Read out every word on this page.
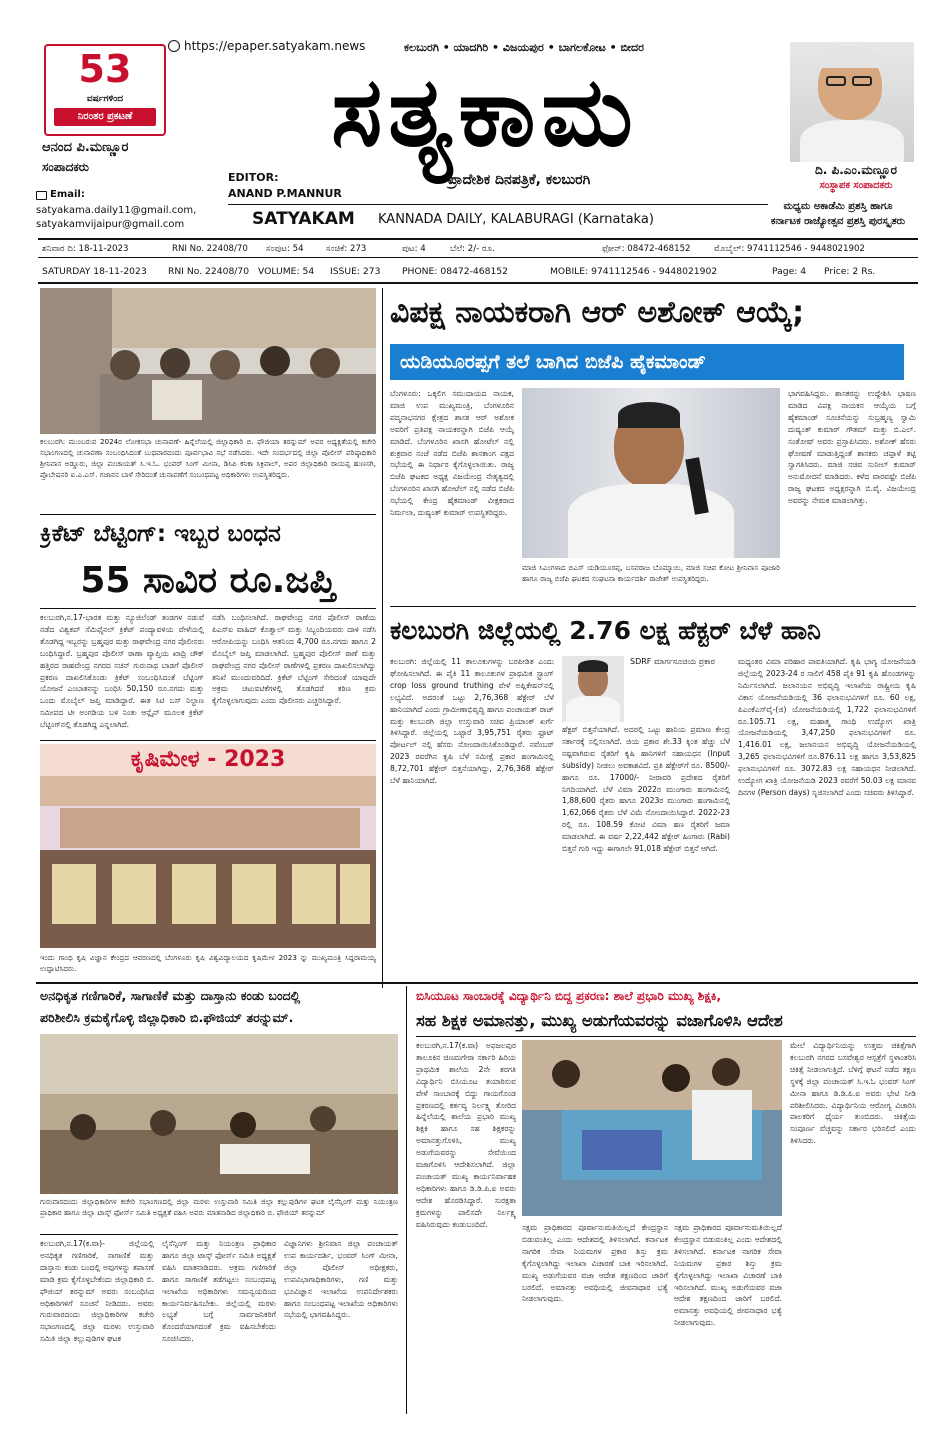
53
ವರ್ಷಗಳಿಂದ
ನಿರಂತರ ಪ್ರಕಟಣೆ
ಆನಂದ ಪಿ.ಮಣ್ಣೂರ
ಸಂಪಾದಕರು
Email:
satyakama.daily11@gmail.com,
satyakamvijaipur@gmail.com
https://epaper.satyakam.news	ಕಲಬುರಗಿ • ಯಾದಗಿರಿ • ವಿಜಯಪುರ • ಬಾಗಲಕೋಟ • ಬೀದರ
ಸತ್ಯಕಾಮ
EDITOR:
ANAND P.MANNUR
ಪ್ರಾದೇಶಿಕ ದಿನಪತ್ರಿಕೆ, ಕಲಬುರಗಿ
SATYAKAM KANNADA DAILY, KALABURAGI (Karnataka)
ದಿ. ಪಿ.ಎಂ.ಮಣ್ಣೂರ
ಸಂಸ್ಥಾಪಕ ಸಂಪಾದಕರು
ಮಧ್ಯಮ ಅಕಾಡೆಮಿ ಪ್ರಶಸ್ತಿ ಹಾಗೂ
ಕರ್ನಾಟಕ ರಾಜ್ಯೋತ್ಸವ ಪ್ರಶಸ್ತಿ ಪುರಸ್ಕೃತರು
ಶನಿವಾರ ದಿ: 18-11-2023	RNI No. 22408/70 ಸಂಪುಟ: 54	ಸಂಚಿಕೆ: 273	ಪುಟ: 4	ಬೆಲೆ: 2/- ರೂ.	ಫೋನ್: 08472-468152	ಮೊಬೈಲ್: 9741112546 - 9448021902
SATURDAY 18-11-2023 RNI No. 22408/70 VOLUME: 54 ISSUE: 273 PHONE: 08472-468152	MOBILE: 9741112546 - 9448021902	Page: 4 Price: 2 Rs.
ಕಲಬುರಗಿ: ಮುಂಬರುವ 2024ರ ಲೋಕಸಭಾ ಚುನಾವಣೆ- ಹಿನ್ನೆಲೆಯಲ್ಲಿ ಜಿಲ್ಲಾಧಿಕಾರಿ ಬಿ. ಫೌಜಿಯಾ ತರನ್ನುಮ್ ಅವರ ಅಧ್ಯಕ್ಷತೆಯಲ್ಲಿ ಕಚೇರಿ ಸಭಾಂಗಣದಲ್ಲಿ ಚುನಾವಣಾ ಸಂಬಂಧಿಸಿದಂತೆ ಬುಧವಾರದಂದು ಪೂರ್ವಭಾವಿ ಸಭೆ ನಡೆಸಿದರು. ಇದೇ ಸಂದರ್ಭದಲ್ಲಿ ಜಿಲ್ಲಾ ಪೊಲೀಸ್ ವರಿಷ್ಠಾಧಿಕಾರಿ ಶ್ರೀನಿವಾಸ ಅಡ್ಡೂರು, ಜಿಲ್ಲಾ ಪಂಚಾಯತ್ ಸಿ.ಇ.ಓ. ಭಂವರ್ ಸಿಂಗ್ ಮೀನಾ, ಡಿಸಿಪಿ ಕನಿಕಾ ಸಿಕ್ರಿವಾಲ್, ಅಪರ ಜಿಲ್ಲಾಧಿಕಾರಿ ರಾಯಪ್ಪ ಹುಣಸಗಿ, ಪ್ರೊಬೇಷನರಿ ಐ.ಎ.ಎಸ್. ಗಜಾನನ ಬಾಳೆ ಸೇರಿದಂತೆ ಚುನಾವಣೆಗೆ ಸಂಬಂಧಪಟ್ಟ ಅಧಿಕಾರಿಗಳು ಉಪಸ್ಥಿತರಿದ್ದರು.
ಕ್ರಿಕೆಟ್ ಬೆಟ್ಟಿಂಗ್: ಇಬ್ಬರ ಬಂಧನ
55 ಸಾವಿರ ರೂ.ಜಪ್ತಿ
ಕಲಬುರಗಿ,ನ.17-ಭಾರತ ಮತ್ತು ನ್ಯೂಜಿಲೆಂಡ್ ತಂಡಗಳ ನಡುವೆ ನಡೆದ ವಿಶ್ವಕಪ್ ಸೆಮಿಫೈನಲ್ ಕ್ರಿಕೆಟ್ ಪಂದ್ಯಾವಳಿಯ ವೇಳೆಯಲ್ಲಿ ತೊಡಗಿದ್ದ ಇಬ್ಬರನ್ನು ಬ್ರಹ್ಮಪುರ ಮತ್ತು ರಾಘವೇಂದ್ರ ನಗರ ಪೊಲೀಸರು ಬಂಧಿಸಿದ್ದಾರೆ. ಬ್ರಹ್ಮಪುರ ಪೊಲೀಸ್ ಠಾಣಾ ವ್ಯಾಪ್ತಿಯ ಖಾದ್ರಿ ಚೌಕ್ ಹತ್ತಿರದ ರಾಹವೇಂದ್ರ ನಗರದ ಸಚಿನ್ ಗುರುನಾಥ ಬಾಡಗೆ ಪೊಲೀಸ್ ಪ್ರಕರಣ ದಾಖಲಿಸಿಕೊಂಡು ಕ್ರಿಕೆಟ್ ಸಂಬಂಧಿಸಿದಂತೆ ಬೆಟ್ಟಿಂಗ್ ಯೋಜನೆ ಎಂಬಾತನನ್ನು ಬಂಧಿಸಿ 50,150 ರೂ.ನಗದು ಮತ್ತು ಒಂದು ಮೊಬೈಲ್ ಜಪ್ತಿ ಮಾಡಿದ್ದಾರೆ. ಈತ ಸಿಟಿ ಬಸ್ ನಿಲ್ದಾಣ ಸಮೀಪದ ಟೀ ಅಂಗಡಿಯ ಬಳಿ ನಿಂತು ಆನ್ಲೈನ್ ಮೂಲಕ ಕ್ರಿಕೆಟ್ ಬೆಟ್ಟಿಂಗ್‌ನಲ್ಲಿ ತೊಡಗಿದ್ದ ಎನ್ನಲಾಗಿದೆ.
ನಡೆಸಿ ಬಂಧಿಸಲಾಗಿದೆ. ರಾಘವೇಂದ್ರ ನಗರ ಪೊಲೀಸ್ ಠಾಣೆಯ ಪಿಎಸ್‌ಐ ವಾಹಿದ್ ಕೊತ್ವಾಲ್ ಮತ್ತು ಸಿಬ್ಬಂದಿಯವರು ದಾಳಿ ನಡೆಸಿ ಆರೋಪಿಯನ್ನು ಬಂಧಿಸಿ ಆತನಿಂದ 4,700 ರೂ.ನಗದು ಹಾಗೂ 2 ಮೊಬೈಲ್ ಜಪ್ತಿ ಮಾಡಲಾಗಿದೆ. ಬ್ರಹ್ಮಪುರ ಪೊಲೀಸ್ ಠಾಣೆ ಮತ್ತು ರಾಘವೇಂದ್ರ ನಗರ ಪೊಲೀಸ್ ಠಾಣೆಗಳಲ್ಲಿ ಪ್ರಕರಣ ದಾಖಲಿಸಲಾಗಿದ್ದು ತನಿಖೆ ಮುಂದುವರಿದಿದೆ. ಕ್ರಿಕೆಟ್ ಬೆಟ್ಟಿಂಗ್ ಸೇರಿದಂತೆ ಯಾವುದೇ ಅಕ್ರಮ ಚಟುವಟಿಕೆಗಳಲ್ಲಿ ತೊಡಗಿದರೆ ಕಠಿಣ ಕ್ರಮ ಕೈಗೊಳ್ಳಲಾಗುವುದು ಎಂದು ಪೊಲೀಸರು ಎಚ್ಚರಿಸಿದ್ದಾರೆ.
ಕೃಷಿಮೇಳ - 2023
ಇಂದು ಗಾಂಧಿ ಕೃಷಿ ವಿಜ್ಞಾನ ಕೇಂದ್ರದ ಆವರಣದಲ್ಲಿ ಬೆಂಗಳೂರು ಕೃಷಿ ವಿಶ್ವವಿದ್ಯಾಲಯದ ಕೃಷಿಮೇಳ 2023 ನ್ನು ಮುಖ್ಯಮಂತ್ರಿ ಸಿದ್ದರಾಮಯ್ಯ ಉದ್ಘಾಟಿಸಿದರು.
ವಿಪಕ್ಷ ನಾಯಕರಾಗಿ ಆರ್ ಅಶೋಕ್ ಆಯ್ಕೆ;
ಯಡಿಯೂರಪ್ಪಗೆ ತಲೆ ಬಾಗಿದ ಬಿಜೆಪಿ ಹೈಕಮಾಂಡ್
ಬೆಂಗಳೂರು: ಒಕ್ಕಲಿಗ ಸಮುದಾಯದ ನಾಯಕ, ಮಾಜಿ ಉಪ ಮುಖ್ಯಮಂತ್ರಿ, ಬೆಂಗಳೂರಿನ ಪದ್ಮನಾಭನಗರ ಕ್ಷೇತ್ರದ ಶಾಸಕ ಆರ್ ಅಶೋಕ ಅವರಿಗೆ ಪ್ರತಿಪಕ್ಷ ನಾಯಕರನ್ನಾಗಿ ಬಿಜೆಪಿ ಆಯ್ಕೆ ಮಾಡಿದೆ. ಬೆಂಗಳೂರಿನ ಖಾಸಗಿ ಹೋಟೆಲ್ ನಲ್ಲಿ ಶುಕ್ರವಾರ ಸಂಜೆ ನಡೆದ ಬಿಜೆಪಿ ಶಾಸಕಾಂಗ ಪಕ್ಷದ ಸಭೆಯಲ್ಲಿ ಈ ನಿರ್ಧಾರ ಕೈಗೊಳ್ಳಲಾಯಿತು. ರಾಜ್ಯ ಬಿಜೆಪಿ ಘಟಕದ ಅಧ್ಯಕ್ಷ ವಿಜಯೇಂದ್ರ ನೇತೃತ್ವದಲ್ಲಿ ಬೆಂಗಳೂರಿನ ಖಾಸಗಿ ಹೋಟೆಲ್ ನಲ್ಲಿ ನಡೆದ ಬಿಜೆಪಿ ಸಭೆಯಲ್ಲಿ ಕೇಂದ್ರ ಹೈಕಮಾಂಡ್ ವೀಕ್ಷಕರಾದ ನಿರ್ಮಲಾ, ದುಷ್ಯಂತ್ ಕುಮಾರ್ ಉಪಸ್ಥಿತರಿದ್ದರು.
ಮಾಜಿ ಸಿಎಂಗಳಾದ ಬಿಎಸ್ ಯಡಿಯೂರಪ್ಪ, ಬಸವರಾಜ ಬೊಮ್ಮಾಯಿ, ಮಾಜಿ ಸಚಿವ ಕೋಟ ಶ್ರೀನಿವಾಸ ಪೂಜಾರಿ ಹಾಗೂ ರಾಜ್ಯ ಬಿಜೆಪಿ ಘಟಕದ ಸಂಘಟನಾ ಕಾರ್ಯದರ್ಶಿ ರಾಜೇಶ್ ಉಪಸ್ಥಿತರಿದ್ದರು.
ಭಾಗವಹಿಸಿದ್ದರು. ಶಾಸಕರನ್ನು ಉದ್ದೇಶಿಸಿ ಭಾಷಣ ಮಾಡಿದ ವಿಪಕ್ಷ ನಾಯಕನ ಆಯ್ಕೆಯ ಬಗ್ಗೆ ಹೈಕಮಾಂಡ್ ಸೂಚನೆಯನ್ನು ಸುಬ್ರಹ್ಮಣ್ಯ ಸ್ವಾಮಿ ದುಷ್ಯಂತ್ ಕುಮಾರ್ ಗೌತಮ್ ಮತ್ತು ಬಿ.ಎಲ್. ಸಂತೋಷ್ ಅವರು ಪ್ರಸ್ತಾಪಿಸಿದರು. ಅಶೋಕ್ ಹೆಸರು ಘೋಷಣೆ ಮಾಡುತ್ತಿದ್ದಂತೆ ಶಾಸಕರು ಚಪ್ಪಾಳೆ ತಟ್ಟಿ ಸ್ವಾಗತಿಸಿದರು. ಮಾಜಿ ಸಚಿವ ಸುನೀಲ್ ಕುಮಾರ್ ಅನುಮೋದನೆ ಮಾಡಿದರು. ಕಳೆದ ವಾರವಷ್ಟೇ ಬಿಜೆಪಿ ರಾಜ್ಯ ಘಟಕದ ಅಧ್ಯಕ್ಷರನ್ನಾಗಿ ಬಿ.ವೈ. ವಿಜಯೇಂದ್ರ ಅವರನ್ನು ನೇಮಕ ಮಾಡಲಾಗಿತ್ತು.
ಕಲಬುರಗಿ ಜಿಲ್ಲೆಯಲ್ಲಿ 2.76 ಲಕ್ಷ ಹೆಕ್ಟರ್ ಬೆಳೆ ಹಾನಿ
ಕಲಬುರಗಿ: ಜಿಲ್ಲೆಯಲ್ಲಿ 11 ತಾಲೂಕುಗಳನ್ನು ಬರಪೀಡಿತ ಎಂದು ಘೋಷಿಸಲಾಗಿದೆ. ಈ ಪೈಕಿ 11 ತಾಲೂಕುಗಳ ಪ್ರಾಥಮಿಕ ಸ್ಟ್ರಾಂಗ್ crop loss ground truthing ವೇಳೆ ಅಪ್ಲಿಕೇಷನ್‌ನಲ್ಲಿ ಲಭ್ಯವಿದೆ. ಅದರಂತೆ ಒಟ್ಟು 2,76,368 ಹೆಕ್ಟೇರ್ ಬೆಳೆ ಹಾನಿಯಾಗಿದೆ ಎಂದು ಗ್ರಾಮೀಣಾಭಿವೃದ್ಧಿ ಹಾಗೂ ಪಂಚಾಯತ್ ರಾಜ್ ಮತ್ತು ಕಲಬುರಗಿ ಜಿಲ್ಲಾ ಉಸ್ತುವಾರಿ ಸಚಿವ ಪ್ರಿಯಾಂಕ್ ಖರ್ಗೆ ತಿಳಿಸಿದ್ದಾರೆ. ಜಿಲ್ಲೆಯಲ್ಲಿ ಒಟ್ಟಾರೆ 3,95,751 ರೈತರು ಫ್ರೂಟ್ ಪೋರ್ಟಲ್ ನಲ್ಲಿ ಹೆಸರು ನೋಂದಾಯಿಸಿಕೊಂಡಿದ್ದಾರೆ. ನವೆಂಬರ್ 2023 ರವರೆಗಿನ ಕೃಷಿ ಬೆಳೆ ಸಮೀಕ್ಷೆ ಪ್ರಕಾರ ಹಂಗಾಮಿನಲ್ಲಿ 8,72,701 ಹೆಕ್ಟೇರ್ ಬಿತ್ತನೆಯಾಗಿದ್ದು, 2,76,368 ಹೆಕ್ಟೇರ್ ಬೆಳೆ ಹಾನಿಯಾಗಿದೆ.
ಹೆಕ್ಟರ್ ಬಿತ್ತನೆಯಾಗಿದೆ. ಅದರಲ್ಲಿ ಒಟ್ಟು ಹಾನಿಯ ಪ್ರಮಾಣ ಕೇಂದ್ರ ಸರ್ಕಾರಕ್ಕೆ ಸಲ್ಲಿಸಲಾಗಿದೆ. ಜಿಯ ಪ್ರಕಾರ ಶೇ.33 ಕ್ಕಿಂತ ಹೆಚ್ಚು ಬೆಳೆ ನಷ್ಟವಾಗಿರುವ ರೈತರಿಗೆ ಕೃಷಿ ಹಾನಿಗಳಿಗೆ ಸಹಾಯಧನ (Input subsidy) ನೀಡಲು ಅವಕಾಶವಿದೆ. ಪ್ರತಿ ಹೆಕ್ಟೇರ್‌ಗೆ ರೂ. 8500/- ಹಾಗೂ ರೂ. 17000/- ನೀರಾವರಿ ಪ್ರದೇಶದ ರೈತರಿಗೆ ನಿಗದಿಯಾಗಿದೆ. ಬೆಳೆ ವಿಮಾ 2022ರ ಮುಂಗಾರು ಹಂಗಾಮಿನಲ್ಲಿ 1,88,600 ರೈತರು ಹಾಗೂ 2023ರ ಮುಂಗಾರು ಹಂಗಾಮಿನಲ್ಲಿ 1,62,066 ರೈತರು ಬೆಳೆ ವಿಮೆ ನೋಂದಾಯಿಸಿದ್ದಾರೆ. 2022-23 ರಲ್ಲಿ ರೂ. 108.59 ಕೋಟಿ ವಿಮಾ ಹಣ ರೈತರಿಗೆ ಜಮಾ ಮಾಡಲಾಗಿದೆ. ಈ ವರ್ಷ 2,22,442 ಹೆಕ್ಟೇರ್ ಹಿಂಗಾರು (Rabi) ಬಿತ್ತನೆ ಗುರಿ ಇದ್ದು ಈಗಾಗಲೇ 91,018 ಹೆಕ್ಟೇರ್ ಬಿತ್ತನೆ ಆಗಿದೆ.
SDRF ಮಾರ್ಗಸೂಚಿಯ ಪ್ರಕಾರ	ಮಧ್ಯಂತರ ವಿಮಾ ಪರಿಹಾರ ಪಾವತಿಯಾಗಿದೆ. ಕೃಷಿ ಭಾಗ್ಯ ಯೋಜನೆಯಡಿ ಜಿಲ್ಲೆಯಲ್ಲಿ 2023-24 ರ ಸಾಲಿಗೆ 458 ಪೈಕಿ 91 ಕೃಷಿ ಹೊಂಡಗಳನ್ನು ನಿರ್ಮಿಸಲಾಗಿದೆ. ಜಲಾನಯನ ಅಭಿವೃದ್ಧಿ ಇಲಾಖೆಯ ರಾಷ್ಟ್ರೀಯ ಕೃಷಿ ವಿಕಾಸ ಯೋಜನೆಯಡಿಯಲ್ಲಿ 36 ಫಲಾನುಭವಿಗಳಿಗೆ ರೂ. 60 ಲಕ್ಷ, ಪಿಎಂಕೆಎಸ್‌ವೈ-(ಜಿ) ಯೋಜನೆಯಡಿಯಲ್ಲಿ 1,722 ಫಲಾನುಭವಿಗಳಿಗೆ ರೂ.105.71 ಲಕ್ಷ, ಮಹಾತ್ಮ ಗಾಂಧಿ ಉದ್ಯೋಗ ಖಾತ್ರಿ ಯೋಜನೆಯಡಿಯಲ್ಲಿ 3,47,250 ಫಲಾನುಭವಿಗಳಿಗೆ ರೂ. 1,416.01 ಲಕ್ಷ, ಜಲಾನಯನ ಅಭಿವೃದ್ಧಿ ಯೋಜನೆಯಡಿಯಲ್ಲಿ 3,265 ಫಲಾನುಭವಿಗಳಿಗೆ ರೂ.876.11 ಲಕ್ಷ ಹಾಗೂ 3,53,825 ಫಲಾನುಭವಿಗಳಿಗೆ ರೂ. 3072.83 ಲಕ್ಷ ಸಹಾಯಧನ ನೀಡಲಾಗಿದೆ. ಉದ್ಯೋಗ ಖಾತ್ರಿ ಯೋಜನೆಯಡಿ 2023 ರವರೆಗೆ 50.03 ಲಕ್ಷ ಮಾನವ ದಿನಗಳ (Person days) ಸೃಜಿಸಲಾಗಿದೆ ಎಂದು ಸಚಿವರು ತಿಳಿಸಿದ್ದಾರೆ.
ಅನಧಿಕೃತ ಗಣಿಗಾರಿಕೆ, ಸಾಗಾಣಿಕೆ ಮತ್ತು ದಾಸ್ತಾನು ಕಂಡು ಬಂದಲ್ಲಿ
ಪರಿಶೀಲಿಸಿ ಕ್ರಮಕೈಗೊಳ್ಳಿ ಜಿಲ್ಲಾಧಿಕಾರಿ ಬಿ.ಫೌಜಿಯ್ ತರನ್ನುಮ್.
ಗುರುವಾರದಂದು ಜಿಲ್ಲಾಧಿಕಾರಿಗಳ ಕಚೇರಿ ಸಭಾಂಗಣದಲ್ಲಿ ಜಿಲ್ಲಾ ಮರಳು ಉಸ್ತುವಾರಿ ಸಮಿತಿ ಜಿಲ್ಲಾ ಕಲ್ಲುಪುಡಿಗಳ ಘಟಕ ಲೈಸೆನ್ಸಿಂಗ್ ಮತ್ತು ನಿಯಂತ್ರಣ ಪ್ರಾಧಿಕಾರ ಹಾಗೂ ಜಿಲ್ಲಾ ಟಾಸ್ಕ್ ಫೋರ್ಸ್ ಸಮಿತಿ ಅಧ್ಯಕ್ಷತೆ ವಹಿಸಿ ಅವರು ಮಾತನಾಡಿದ ಜಿಲ್ಲಾಧಿಕಾರಿ ಬಿ. ಫೌಜಿಯ್ ತರನ್ನುಮ್
ಕಲಬುರಗಿ,ನ.17(ಕ.ವಾ)- ಜಿಲ್ಲೆಯಲ್ಲಿ ಅನಧಿಕೃತ ಗಣಿಗಾರಿಕೆ, ಸಾಗಾಣಿಕೆ ಮತ್ತು ದಾಸ್ತಾನು ಕಂಡು ಬಂದಲ್ಲಿ ಅವುಗಳನ್ನು ತಪಾಸಣೆ ಮಾಡಿ ಕ್ರಮ ಕೈಗೊಳ್ಳಬೇಕೆಂದು ಜಿಲ್ಲಾಧಿಕಾರಿ ಬಿ. ಫೌಜಿಯ್ ತರನ್ನುಮ್ ಅವರು ಸಂಬಂಧಿಸಿದ ಅಧಿಕಾರಿಗಳಿಗೆ ಸೂಚನೆ ನೀಡಿದರು. ಅವರು ಗುರುವಾರದಂದು ಜಿಲ್ಲಾಧಿಕಾರಿಗಳ ಕಚೇರಿ ಸಭಾಂಗಣದಲ್ಲಿ ಜಿಲ್ಲಾ ಮರಳು ಉಸ್ತುವಾರಿ ಸಮಿತಿ ಜಿಲ್ಲಾ ಕಲ್ಲುಪುಡಿಗಳ ಘಟಕ
ಲೈಸೆನ್ಸಿಂಗ್ ಮತ್ತು ನಿಯಂತ್ರಣ ಪ್ರಾಧಿಕಾರ ಹಾಗೂ ಜಿಲ್ಲಾ ಟಾಸ್ಕ್ ಫೋರ್ಸ್ ಸಮಿತಿ ಅಧ್ಯಕ್ಷತೆ ವಹಿಸಿ ಮಾತನಾಡಿದರು. ಅಕ್ರಮ ಗಣಿಗಾರಿಕೆ ಹಾಗೂ ಸಾಗಾಣಿಕೆ ತಡೆಗಟ್ಟಲು ಸಂಬಂಧಪಟ್ಟ ಇಲಾಖೆಯ ಅಧಿಕಾರಿಗಳು ಸಮನ್ವಯದಿಂದ ಕಾರ್ಯನಿರ್ವಹಿಸಬೇಕು. ಜಿಲ್ಲೆಯಲ್ಲಿ ಮರಳು ಲಭ್ಯತೆ ಬಗ್ಗೆ ಸಾರ್ವಜನಿಕರಿಗೆ ತೊಂದರೆಯಾಗದಂತೆ ಕ್ರಮ ವಹಿಸಬೇಕೆಂದು ಸೂಚಿಸಿದರು.
ವಿಜ್ಞಾನಿಗಳು ಶ್ರೀನಿವಾಸ ಜಿಲ್ಲಾ ಪಂಚಾಯತ್ ಉಪ ಕಾರ್ಯದರ್ಶಿ, ಭಂವರ್ ಸಿಂಗ್ ಮೀನಾ, ಜಿಲ್ಲಾ ಪೊಲೀಸ್ ಅಧೀಕ್ಷಕರು, ಉಪವಿಭಾಗಾಧಿಕಾರಿಗಳು, ಗಣಿ ಮತ್ತು ಭೂವಿಜ್ಞಾನ ಇಲಾಖೆಯ ಉಪನಿರ್ದೇಶಕರು ಹಾಗೂ ಸಂಬಂಧಪಟ್ಟ ಇಲಾಖೆಯ ಅಧಿಕಾರಿಗಳು ಸಭೆಯಲ್ಲಿ ಭಾಗವಹಿಸಿದ್ದರು.
ಬಿಸಿಯೂಟ ಸಾಂಬಾರಕ್ಕೆ ವಿದ್ಯಾರ್ಥಿನಿ ಬಿದ್ದ ಪ್ರಕರಣ: ಶಾಲೆ ಪ್ರಭಾರಿ ಮುಖ್ಯ ಶಿಕ್ಷಕಿ,
ಸಹ ಶಿಕ್ಷಕ ಅಮಾನತ್ತು, ಮುಖ್ಯ ಅಡುಗೆಯವರನ್ನು ವಜಾಗೊಳಿಸಿ ಆದೇಶ
ಕಲಬುರಗಿ,ನ.17(ಕ.ವಾ) ಅಫಜಲಪುರ ತಾಲೂಕಿನ ಚಿಣಮಗೇರಾ ಸರ್ಕಾರಿ ಹಿರಿಯ ಪ್ರಾಥಮಿಕ ಶಾಲೆಯ 2ನೇ ತರಗತಿ ವಿದ್ಯಾರ್ಥಿನಿ ಬಿಸಿಯೂಟ ತಯಾರಿಸುವ ವೇಳೆ ಸಾಂಬಾರಕ್ಕೆ ಬಿದ್ದು ಗಾಯಗೊಂಡ ಪ್ರಕರಣದಲ್ಲಿ ಕರ್ತವ್ಯ ನಿರ್ಲಕ್ಷ್ಯ ತೋರಿದ ಹಿನ್ನೆಲೆಯಲ್ಲಿ ಶಾಲೆಯ ಪ್ರಭಾರಿ ಮುಖ್ಯ ಶಿಕ್ಷಕಿ ಹಾಗೂ ಸಹ ಶಿಕ್ಷಕರನ್ನು ಅಮಾನತ್ತುಗೊಳಿಸಿ, ಮುಖ್ಯ ಅಡುಗೆಯವರನ್ನು ಸೇವೆಯಿಂದ ವಜಾಗೊಳಿಸಿ ಆದೇಶಿಸಲಾಗಿದೆ. ಜಿಲ್ಲಾ ಪಂಚಾಯತ್ ಮುಖ್ಯ ಕಾರ್ಯನಿರ್ವಾಹಕ ಅಧಿಕಾರಿಗಳು ಹಾಗೂ ಡಿ.ಡಿ.ಪಿ.ಐ ಅವರು ಆದೇಶ ಹೊರಡಿಸಿದ್ದಾರೆ. ಸುರಕ್ಷತಾ ಕ್ರಮಗಳನ್ನು ಪಾಲಿಸದೇ ನಿರ್ಲಕ್ಷ್ಯ ವಹಿಸಿರುವುದು ಕಂಡುಬಂದಿದೆ.	ಸಕ್ಷಮ ಪ್ರಾಧಿಕಾರದ ಪೂರ್ವಾನುಮತಿಯಿಲ್ಲದೆ ಕೇಂದ್ರಸ್ಥಾನ ಬಿಡುವಂತಿಲ್ಲ ಎಂದು ಆದೇಶದಲ್ಲಿ ತಿಳಿಸಲಾಗಿದೆ. ಕರ್ನಾಟಕ ನಾಗರಿಕ ಸೇವಾ ನಿಯಮಗಳ ಪ್ರಕಾರ ಶಿಸ್ತು ಕ್ರಮ ಕೈಗೊಳ್ಳಲಾಗಿದ್ದು ಇಲಾಖಾ ವಿಚಾರಣೆ ಬಾಕಿ ಇರಿಸಲಾಗಿದೆ. ಮುಖ್ಯ ಅಡುಗೆಯವರ ವಜಾ ಆದೇಶ ತಕ್ಷಣದಿಂದ ಜಾರಿಗೆ ಬರಲಿದೆ. ಅಮಾನತ್ತು ಅವಧಿಯಲ್ಲಿ ಜೀವನಾಧಾರ ಭತ್ಯೆ ನೀಡಲಾಗುವುದು.
ಸಕ್ಷಮ ಪ್ರಾಧಿಕಾರದ ಪೂರ್ವಾನುಮತಿಯಿಲ್ಲದೆ ಕೇಂದ್ರಸ್ಥಾನ ಬಿಡುವಂತಿಲ್ಲ ಎಂದು ಆದೇಶದಲ್ಲಿ ತಿಳಿಸಲಾಗಿದೆ. ಕರ್ನಾಟಕ ನಾಗರಿಕ ಸೇವಾ ನಿಯಮಗಳ ಪ್ರಕಾರ ಶಿಸ್ತು ಕ್ರಮ ಕೈಗೊಳ್ಳಲಾಗಿದ್ದು ಇಲಾಖಾ ವಿಚಾರಣೆ ಬಾಕಿ ಇರಿಸಲಾಗಿದೆ. ಮುಖ್ಯ ಅಡುಗೆಯವರ ವಜಾ ಆದೇಶ ತಕ್ಷಣದಿಂದ ಜಾರಿಗೆ ಬರಲಿದೆ. ಅಮಾನತ್ತು ಅವಧಿಯಲ್ಲಿ ಜೀವನಾಧಾರ ಭತ್ಯೆ ನೀಡಲಾಗುವುದು.
ಮೇಲೆ ವಿದ್ಯಾರ್ಥಿನಿಯನ್ನು ಉತ್ತಮ ಚಿಕಿತ್ಸೆಗಾಗಿ ಕಲಬುರಗಿ ನಗರದ ಬಸವೇಶ್ವರ ಆಸ್ಪತ್ರೆಗೆ ಸ್ಥಳಾಂತರಿಸಿ ಚಿಕಿತ್ಸೆ ನೀಡಲಾಗುತ್ತಿದೆ. ಬೆಳಿಗ್ಗೆ ಘಟನೆ ನಡೆದ ತಕ್ಷಣ ಸ್ಥಳಕ್ಕೆ ಜಿಲ್ಲಾ ಪಂಚಾಯತ್ ಸಿ.ಇ.ಓ ಭಂವರ್ ಸಿಂಗ್ ಮೀನಾ ಹಾಗೂ ಡಿ.ಡಿ.ಪಿ.ಐ ಅವರು ಭೇಟಿ ನೀಡಿ ಪರಿಶೀಲಿಸಿದರು. ವಿದ್ಯಾರ್ಥಿನಿಯ ಆರೋಗ್ಯ ವಿಚಾರಿಸಿ ಪಾಲಕರಿಗೆ ಧೈರ್ಯ ತುಂಬಿದರು. ಚಿಕಿತ್ಸೆಯ ಸಂಪೂರ್ಣ ವೆಚ್ಚವನ್ನು ಸರ್ಕಾರ ಭರಿಸಲಿದೆ ಎಂದು ತಿಳಿಸಿದರು.
